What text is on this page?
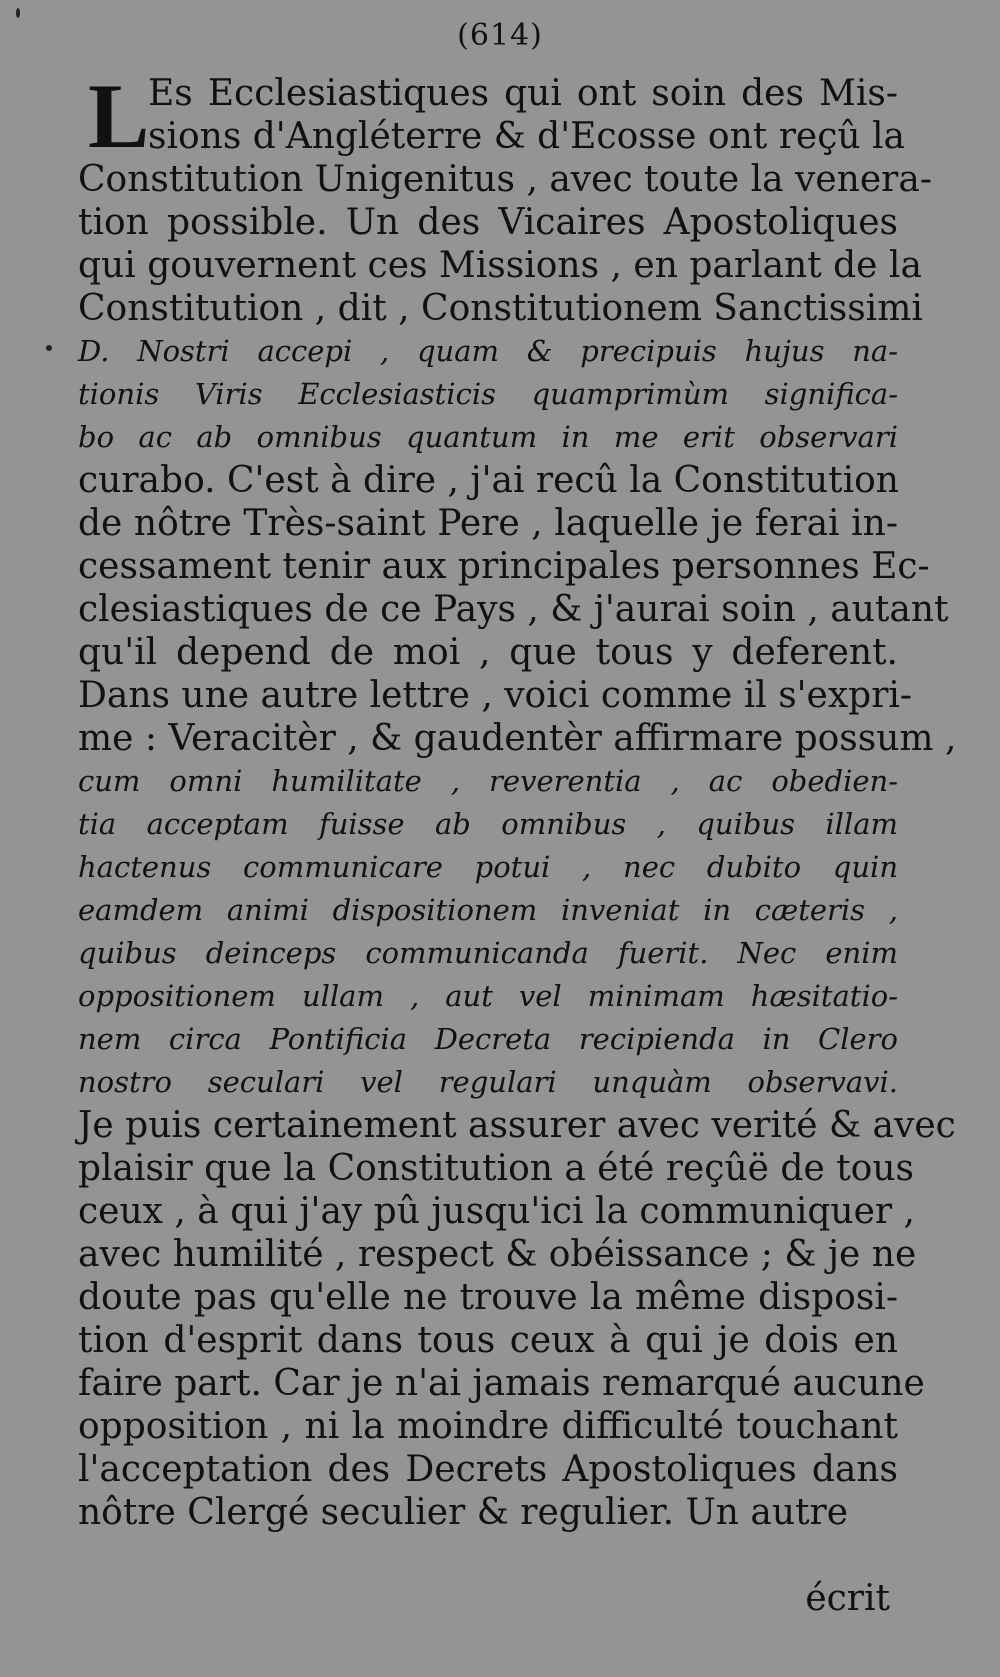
(614)
L
Es Ecclesiastiques qui ont soin des Mis-
sions d'Angléterre & d'Ecosse ont reçû la
Constitution Unigenitus , avec toute la venera-
tion possible. Un des Vicaires Apostoliques
qui gouvernent ces Missions , en parlant de la
Constitution , dit , Constitutionem Sanctissimi
D. Nostri accepi , quam & precipuis hujus na-
tionis Viris Ecclesiasticis quamprimùm significa-
bo ac ab omnibus quantum in me erit observari
curabo. C'est à dire , j'ai recû la Constitution
de nôtre Très-saint Pere , laquelle je ferai in-
cessament tenir aux principales personnes Ec-
clesiastiques de ce Pays , & j'aurai soin , autant
qu'il depend de moi , que tous y deferent.
Dans une autre lettre , voici comme il s'expri-
me : Veracitèr , & gaudentèr affirmare possum ,
cum omni humilitate , reverentia , ac obedien-
tia acceptam fuisse ab omnibus , quibus illam
hactenus communicare potui , nec dubito quin
eamdem animi dispositionem inveniat in cæteris ,
quibus deinceps communicanda fuerit. Nec enim
oppositionem ullam , aut vel minimam hæsitatio-
nem circa Pontificia Decreta recipienda in Clero
nostro seculari vel regulari unquàm observavi.
Je puis certainement assurer avec verité & avec
plaisir que la Constitution a été reçûë de tous
ceux , à qui j'ay pû jusqu'ici la communiquer ,
avec humilité , respect & obéissance ; & je ne
doute pas qu'elle ne trouve la même disposi-
tion d'esprit dans tous ceux à qui je dois en
faire part. Car je n'ai jamais remarqué aucune
opposition , ni la moindre difficulté touchant
l'acceptation des Decrets Apostoliques dans
nôtre Clergé seculier & regulier. Un autre
écrit
